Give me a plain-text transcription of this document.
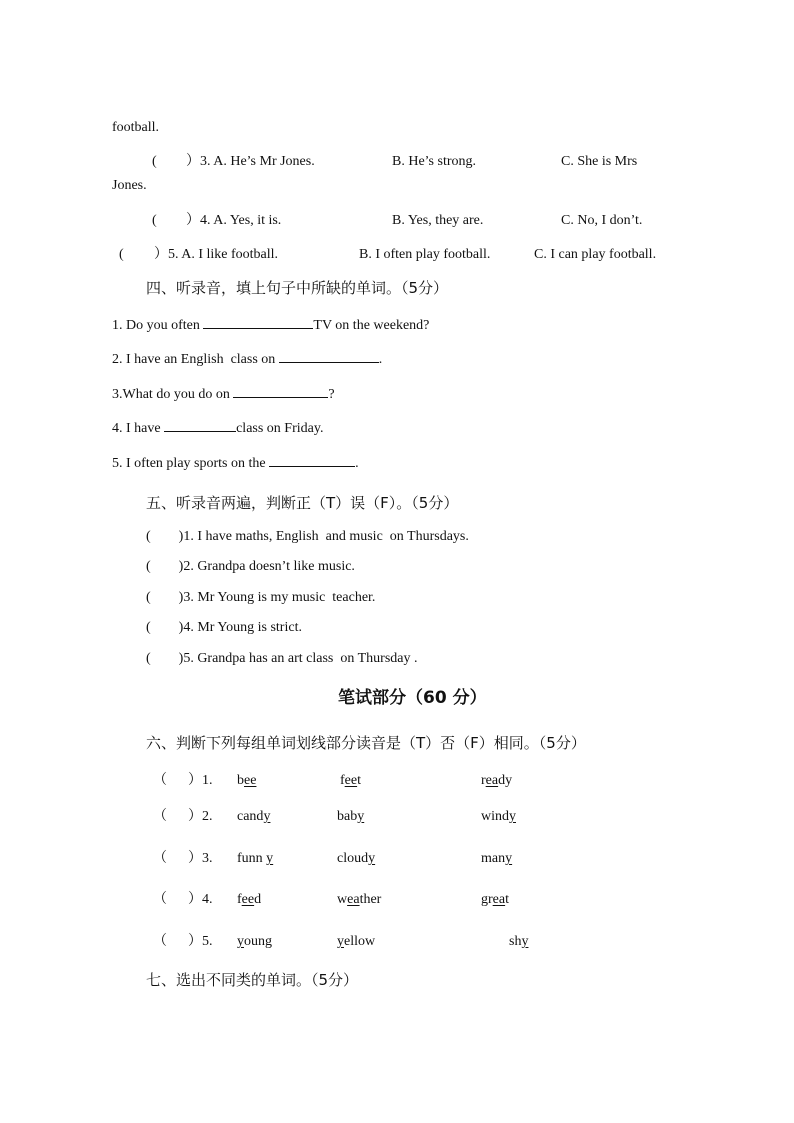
football.
( ）3. A. He’s Mr Jones.	B. He’s strong.	C. She is Mrs
Jones.
( ）4. A. Yes, it is.	B. Yes, they are.	C. No, I don’t.
( ）5. A. I like football.	B. I often play football.	C. I can play football.
四、听录音，填上句子中所缺的单词。（5分）
1. Do you often	TV on the weekend?
2. I have an English  class on	.
3.What do you do on	?
4. I have	class on Friday.
5. I often play sports on the	.
五、听录音两遍，判断正（T）误（F）。（5分）
(        )1. I have maths, English  and music  on Thursdays.
(        )2. Grandpa doesn’t like music.
(        )3. Mr Young is my music  teacher.
(        )4. Mr Young is strict.
(        )5. Grandpa has an art class  on Thursday .
笔试部分（60 分）
六、判断下列每组单词划线部分读音是（T）否（F）相同。（5分）
（      ）1. bee	feet	ready
（      ）2. candy	baby	windy
（      ）3. funn y	cloudy	many
（      ）4. feed	weather	great
（      ）5. young	yellow	shy
七、选出不同类的单词。（5分）
